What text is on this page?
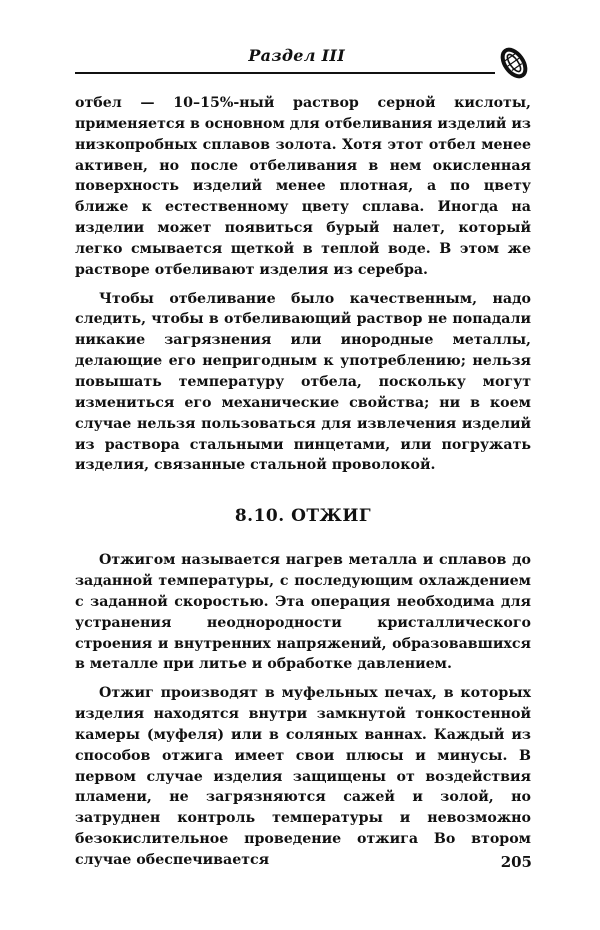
Раздел III

отбел — 10–15%-ный раствор серной кислоты, применяется в основном для отбеливания изделий из низкопробных сплавов золота. Хотя этот отбел менее активен, но после отбеливания в нем окисленная поверхность изделий менее плотная, а по цвету ближе к естественному цвету сплава. Иногда на изделии может появиться бурый налет, который легко смывается щеткой в теплой воде. В этом же растворе отбеливают изделия из серебра.

Чтобы отбеливание было качественным, надо следить, чтобы в отбеливающий раствор не попадали никакие загрязнения или инородные металлы, делающие его непригодным к употреблению; нельзя повышать температуру отбела, поскольку могут измениться его механические свойства; ни в коем случае нельзя пользоваться для извлечения изделий из раствора стальными пинцетами, или погружать изделия, связанные стальной проволокой.

8.10. ОТЖИГ

Отжигом называется нагрев металла и сплавов до заданной температуры, с последующим охлаждением с заданной скоростью. Эта операция необходима для устранения неоднородности кристаллического строения и внутренних напряжений, образовавшихся в металле при литье и обработке давлением.

Отжиг производят в муфельных печах, в которых изделия находятся внутри замкнутой тонкостенной камеры (муфеля) или в соляных ваннах. Каждый из способов отжига имеет свои плюсы и минусы. В первом случае изделия защищены от воздействия пламени, не загрязняются сажей и золой, но затруднен контроль температуры и невозможно безокислительное проведение отжига Во втором случае обеспечивается	205
